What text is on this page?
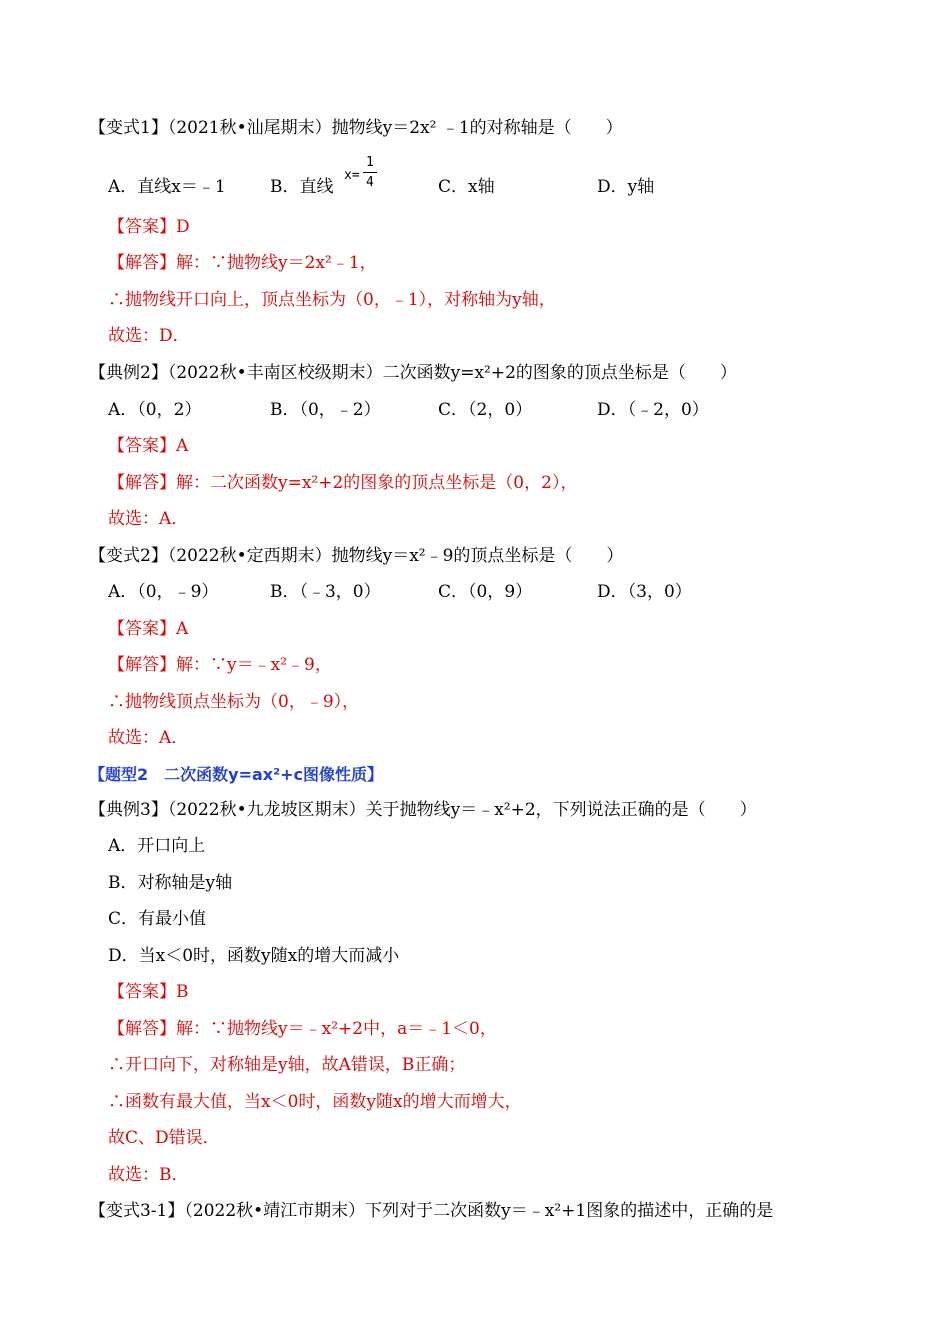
【变式1】（2021秋•汕尾期末）抛物线y＝2x² ﹣1的对称轴是（　　）
A．直线x＝﹣1	B．直线
x=
1
4	C．x轴	D．y轴
【答案】D
【解答】解：∵抛物线y＝2x²﹣1，
∴抛物线开口向上，顶点坐标为（0，﹣1），对称轴为y轴，
故选：D．
【典例2】（2022秋•丰南区校级期末）二次函数y=x²+2的图象的顶点坐标是（　　）
A．（0，2）	B．（0，﹣2）	C．（2，0）	D．（﹣2，0）
【答案】A
【解答】解：二次函数y=x²+2的图象的顶点坐标是（0，2），
故选：A．
【变式2】（2022秋•定西期末）抛物线y＝x²﹣9的顶点坐标是（　　）
A．（0，﹣9）	B．（﹣3，0）	C．（0，9）	D．（3，0）
【答案】A
【解答】解：∵y＝﹣x²﹣9，
∴抛物线顶点坐标为（0，﹣9），
故选：A．
【题型2　二次函数y=ax²+c图像性质】
【典例3】（2022秋•九龙坡区期末）关于抛物线y＝﹣x²+2，下列说法正确的是（　　）
A．开口向上
B．对称轴是y轴
C．有最小值
D．当x＜0时，函数y随x的增大而减小
【答案】B
【解答】解：∵抛物线y＝﹣x²+2中，a＝﹣1＜0，
∴开口向下，对称轴是y轴，故A错误，B正确；
∴函数有最大值，当x＜0时，函数y随x的增大而增大，
故C、D错误．
故选：B．
【变式3-1】（2022秋•靖江市期末）下列对于二次函数y＝﹣x²+1图象的描述中，正确的是
